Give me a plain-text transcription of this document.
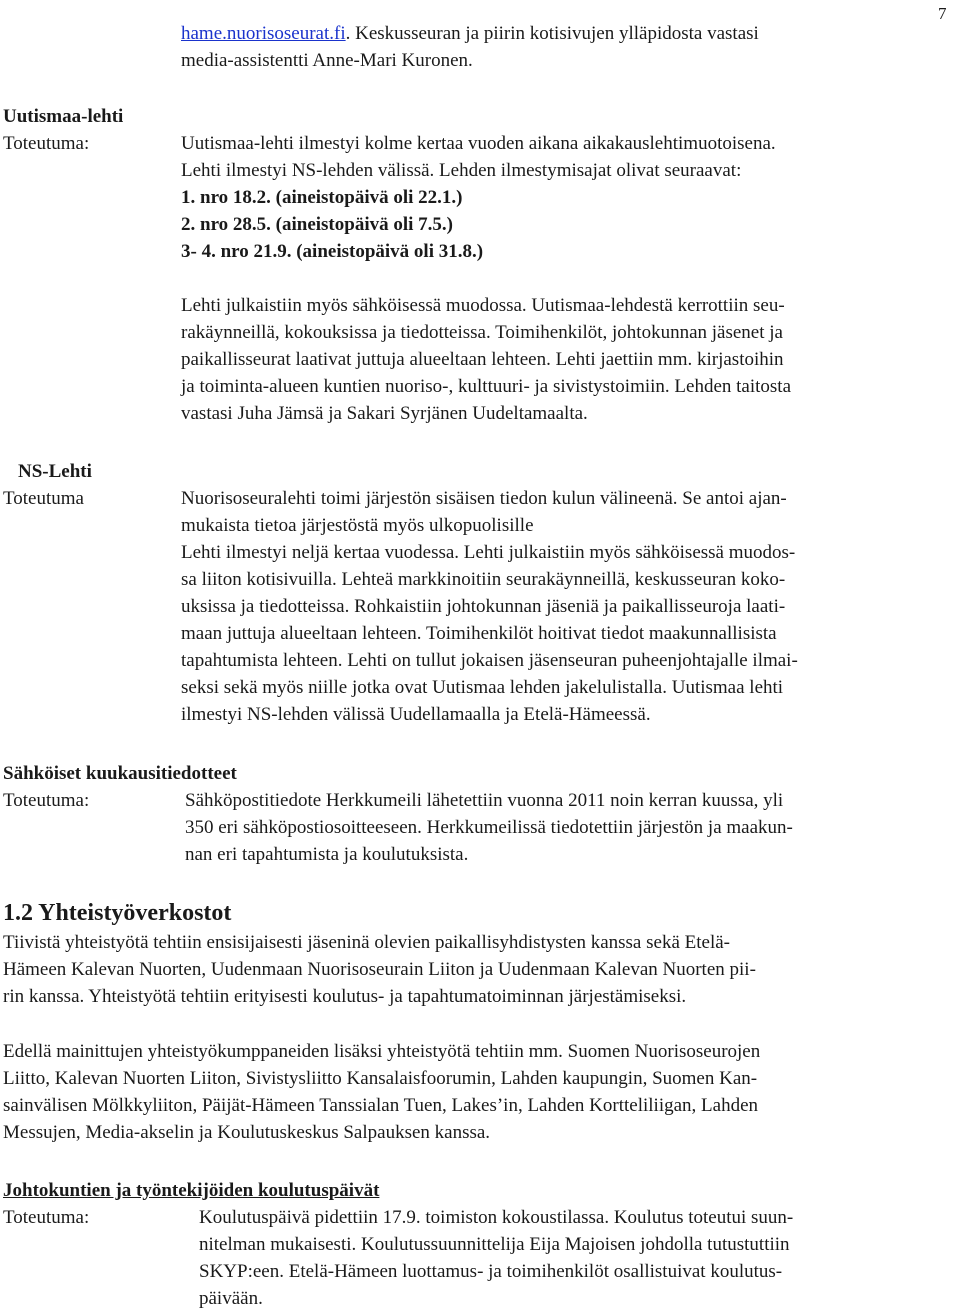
7
hame.nuorisoseurat.fi. Keskusseuran ja piirin kotisivujen ylläpidosta vastasi
media-assistentti Anne-Mari Kuronen.
Uutismaa-lehti
Toteutuma:	Uutismaa-lehti ilmestyi kolme kertaa vuoden aikana aikakauslehtimuotoisena.
Lehti ilmestyi NS-lehden välissä. Lehden ilmestymisajat olivat seuraavat:
1. nro 18.2. (aineistopäivä oli 22.1.)
2. nro 28.5. (aineistopäivä oli 7.5.)
3- 4. nro 21.9. (aineistopäivä oli 31.8.)
Lehti julkaistiin myös sähköisessä muodossa. Uutismaa-lehdestä kerrottiin seu-
rakäynneillä, kokouksissa ja tiedotteissa. Toimihenkilöt, johtokunnan jäsenet ja
paikallisseurat laativat juttuja alueeltaan lehteen. Lehti jaettiin mm. kirjastoihin
ja toiminta-alueen kuntien nuoriso-, kulttuuri- ja sivistystoimiin. Lehden taitosta
vastasi Juha Jämsä ja Sakari Syrjänen Uudeltamaalta.
NS-Lehti
Toteutuma	Nuorisoseuralehti toimi järjestön sisäisen tiedon kulun välineenä. Se antoi ajan-
mukaista tietoa järjestöstä myös ulkopuolisille
Lehti ilmestyi neljä kertaa vuodessa. Lehti julkaistiin myös sähköisessä muodos-
sa liiton kotisivuilla. Lehteä markkinoitiin seurakäynneillä, keskusseuran koko-
uksissa ja tiedotteissa. Rohkaistiin johtokunnan jäseniä ja paikallisseuroja laati-
maan juttuja alueeltaan lehteen. Toimihenkilöt hoitivat tiedot maakunnallisista
tapahtumista lehteen. Lehti on tullut jokaisen jäsenseuran puheenjohtajalle ilmai-
seksi sekä myös niille jotka ovat Uutismaa lehden jakelulistalla. Uutismaa lehti
ilmestyi NS-lehden välissä Uudellamaalla ja Etelä-Hämeessä.
Sähköiset kuukausitiedotteet
Toteutuma:	Sähköpostitiedote Herkkumeili lähetettiin vuonna 2011 noin kerran kuussa, yli
350 eri sähköpostiosoitteeseen. Herkkumeilissä tiedotettiin järjestön ja maakun-
nan eri tapahtumista ja koulutuksista.
1.2 Yhteistyöverkostot
Tiivistä yhteistyötä tehtiin ensisijaisesti jäseninä olevien paikallisyhdistysten kanssa sekä Etelä-
Hämeen Kalevan Nuorten, Uudenmaan Nuorisoseurain Liiton ja Uudenmaan Kalevan Nuorten pii-
rin kanssa. Yhteistyötä tehtiin erityisesti koulutus- ja tapahtumatoiminnan järjestämiseksi.
Edellä mainittujen yhteistyökumppaneiden lisäksi yhteistyötä tehtiin mm. Suomen Nuorisoseurojen
Liitto, Kalevan Nuorten Liiton, Sivistysliitto Kansalaisfoorumin, Lahden kaupungin, Suomen Kan-
sainvälisen Mölkkyliiton, Päijät-Hämeen Tanssialan Tuen, Lakes’in, Lahden Kortteliliigan, Lahden
Messujen, Media-akselin ja Koulutuskeskus Salpauksen kanssa.
Johtokuntien ja työntekijöiden koulutuspäivät
Toteutuma:	Koulutuspäivä pidettiin 17.9. toimiston kokoustilassa. Koulutus toteutui suun-
nitelman mukaisesti. Koulutussuunnittelija Eija Majoisen johdolla tutustuttiin
SKYP:een. Etelä-Hämeen luottamus- ja toimihenkilöt osallistuivat koulutus-
päivään.
